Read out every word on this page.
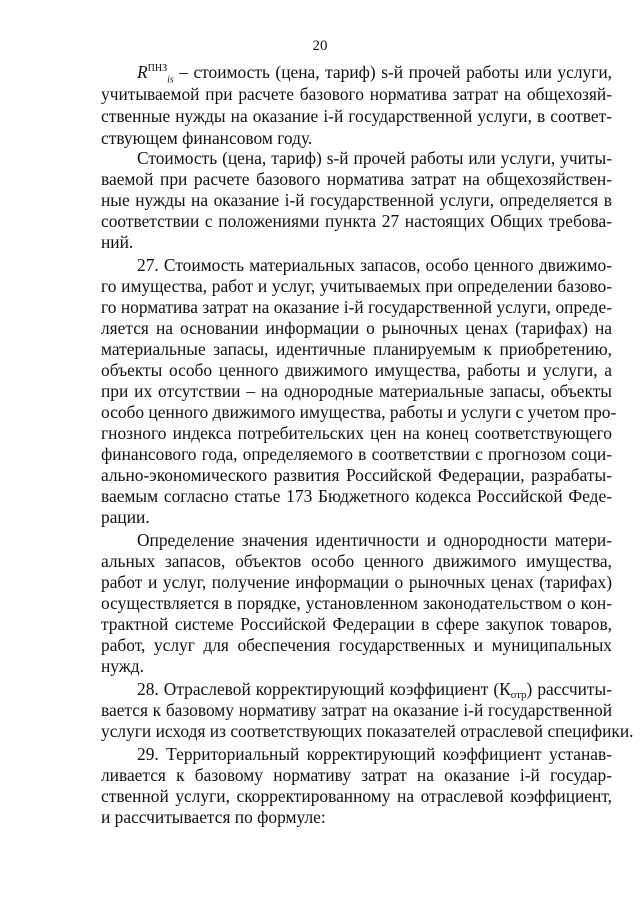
20
$R^{ПНЗ}_{is}$ – стоимость (цена, тариф) s-й прочей работы или услуги,
учитываемой при расчете базового норматива затрат на общехозяй-
ственные нужды на оказание i-й государственной услуги, в соответ-
ствующем финансовом году.
Стоимость (цена, тариф) s-й прочей работы или услуги, учиты-
ваемой при расчете базового норматива затрат на общехозяйствен-
ные нужды на оказание i-й государственной услуги, определяется в
соответствии с положениями пункта 27 настоящих Общих требова-
ний.
27. Стоимость материальных запасов, особо ценного движимо-
го имущества, работ и услуг, учитываемых при определении базово-
го норматива затрат на оказание i-й государственной услуги, опреде-
ляется на основании информации о рыночных ценах (тарифах) на
материальные запасы, идентичные планируемым к приобретению,
объекты особо ценного движимого имущества, работы и услуги, а
при их отсутствии – на однородные материальные запасы, объекты
особо ценного движимого имущества, работы и услуги с учетом про-
гнозного индекса потребительских цен на конец соответствующего
финансового года, определяемого в соответствии с прогнозом соци-
ально-экономического развития Российской Федерации, разрабаты-
ваемым согласно статье 173 Бюджетного кодекса Российской Феде-
рации.
Определение значения идентичности и однородности матери-
альных запасов, объектов особо ценного движимого имущества,
работ и услуг, получение информации о рыночных ценах (тарифах)
осуществляется в порядке, установленном законодательством о кон-
трактной системе Российской Федерации в сфере закупок товаров,
работ, услуг для обеспечения государственных и муниципальных
нужд.
28. Отраслевой корректирующий коэффициент (Котр) рассчиты-
вается к базовому нормативу затрат на оказание i-й государственной
услуги исходя из соответствующих показателей отраслевой специфики.
29. Территориальный корректирующий коэффициент устанав-
ливается к базовому нормативу затрат на оказание i-й государ-
ственной услуги, скорректированному на отраслевой коэффициент,
и рассчитывается по формуле:
